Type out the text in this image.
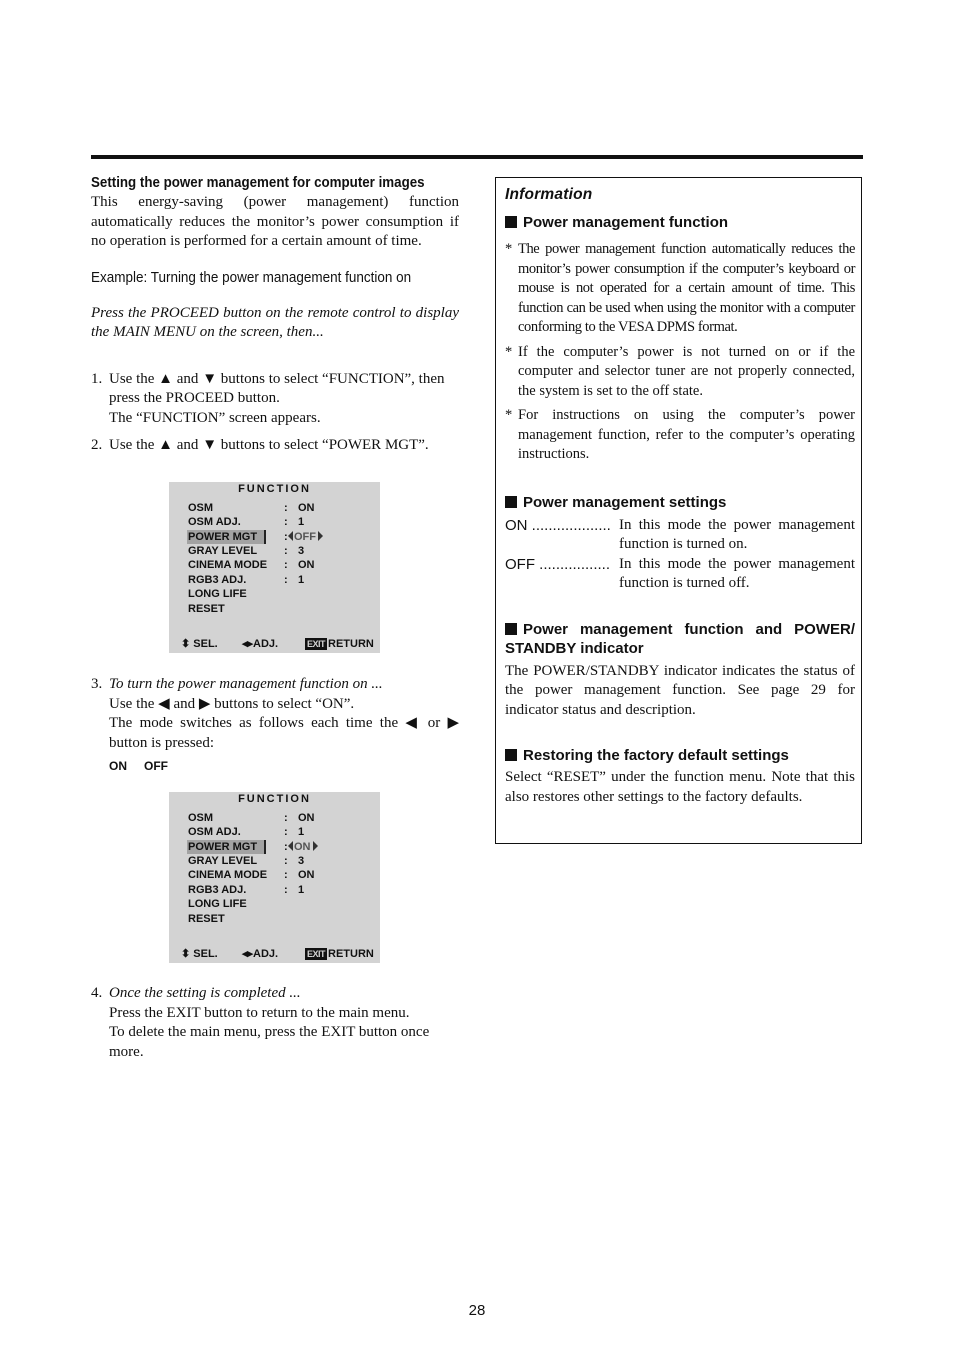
Setting the power management for computer images

This energy-saving (power management) function automatically reduces the monitor’s power consumption if no operation is performed for a certain amount of time.

Example: Turning the power management function on

Press the PROCEED button on the remote control to display the MAIN MENU on the screen, then...

1. Use the ▲ and ▼ buttons to select “FUNCTION”, then press the PROCEED button.
The “FUNCTION” screen appears.
2. Use the ▲ and ▼ buttons to select “POWER MGT”.
FUNCTION
OSM	: ON
OSM ADJ.	: 1
POWER MGT	: OFF
GRAY LEVEL	: 3
CINEMA MODE : ON
RGB3 ADJ.	: 1
LONG LIFE
RESET
⬍ SEL. ◂▸ADJ.	EXIT RETURN
3. To turn the power management function on ...
Use the ◀ and ▶ buttons to select “ON”.

The mode switches as follows each time the ◀ or ▶
button is pressed:
ON OFF
FUNCTION
OSM	: ON
OSM ADJ.	: 1
POWER MGT	: ON
GRAY LEVEL	: 3
CINEMA MODE : ON
RGB3 ADJ.	: 1
LONG LIFE
RESET
⬍ SEL. ◂▸ADJ.	EXIT RETURN
4. Once the setting is completed ...
Press the EXIT button to return to the main menu.
To delete the main menu, press the EXIT button once more.

Information

Power management function

* The power management function automatically reduces the monitor’s power consumption if the computer’s keyboard or mouse is not operated for a certain amount of time. This function can be used when using the monitor with a computer conforming to the VESA DPMS format.

* If the computer’s power is not turned on or if the computer and selector tuner are not properly connected, the system is set to the off state.

* For instructions on using the computer’s power management function, refer to the computer’s operating instructions.

Power management settings

ON ................... In this mode the power management function is turned on.
OFF ................. In this mode the power management function is turned off.

Power management function and POWER/ STANDBY indicator

The POWER/STANDBY indicator indicates the status of the power management function. See page 29 for indicator status and description.

Restoring the factory default settings

Select “RESET” under the function menu. Note that this also restores other settings to the factory defaults.

28
